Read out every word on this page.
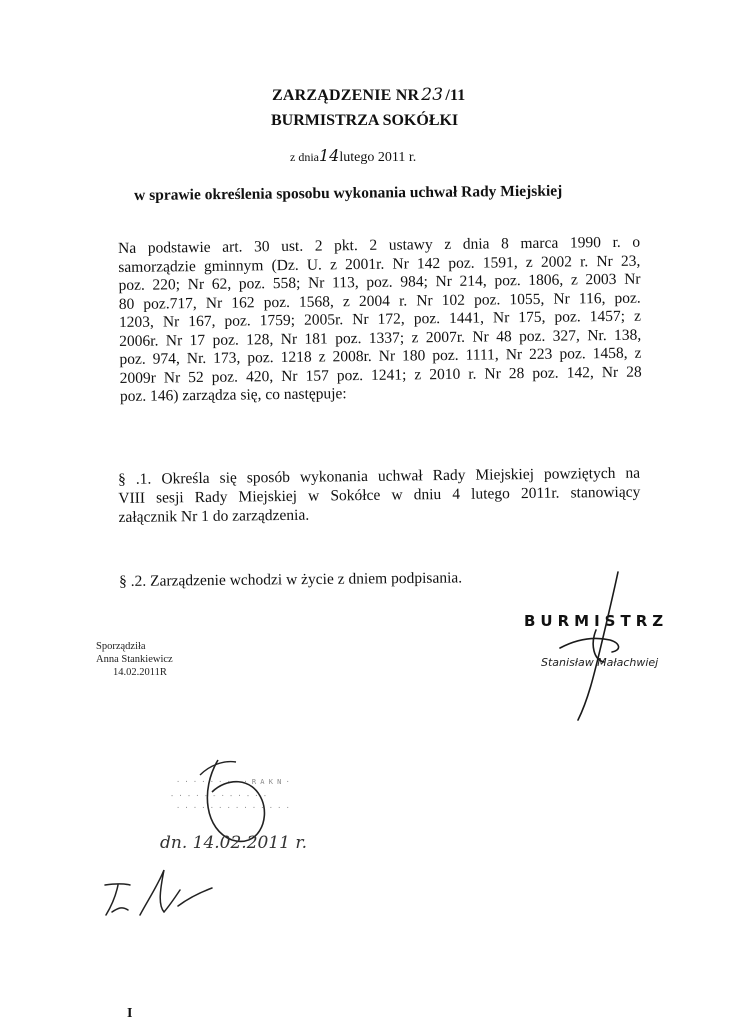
ZARZĄDZENIE NR 23 /11
BURMISTRZA SOKÓŁKI
z dnia14lutego 2011 r.
w sprawie określenia sposobu wykonania uchwał Rady Miejskiej
Na podstawie art. 30 ust. 2 pkt. 2 ustawy z dnia 8 marca 1990 r. o
samorządzie gminnym (Dz. U. z 2001r. Nr 142 poz. 1591, z 2002 r. Nr 23,
poz. 220; Nr 62, poz. 558; Nr 113, poz. 984; Nr 214, poz. 1806, z 2003 Nr
80 poz.717, Nr 162 poz. 1568, z 2004 r. Nr 102 poz. 1055, Nr 116, poz.
1203, Nr 167, poz. 1759; 2005r. Nr 172, poz. 1441, Nr 175, poz. 1457; z
2006r. Nr 17 poz. 128, Nr 181 poz. 1337; z 2007r. Nr 48 poz. 327, Nr. 138,
poz. 974, Nr. 173, poz. 1218 z 2008r. Nr 180 poz. 1111, Nr 223 poz. 1458, z
2009r Nr 52 poz. 420, Nr 157 poz. 1241; z 2010 r. Nr 28 poz. 142, Nr 28
poz. 146) zarządza się, co następuje:
§ .1. Określa się sposób wykonania uchwał Rady Miejskiej powziętych na
VIII sesji Rady Miejskiej w Sokółce w dniu 4 lutego 2011r. stanowiący
załącznik Nr 1 do zarządzenia.
§ .2. Zarządzenie wchodzi w życie z dniem podpisania.
BURMISTRZ
Stanisław Małachwiej
Sporządziła
Anna Stankiewicz
14.02.2011R
· · · · · · · · · R A K N ·
- · - · - - · - · - · -
· · · · · · · · · · · · · ·
dn. 14.02.2011 r.
I
